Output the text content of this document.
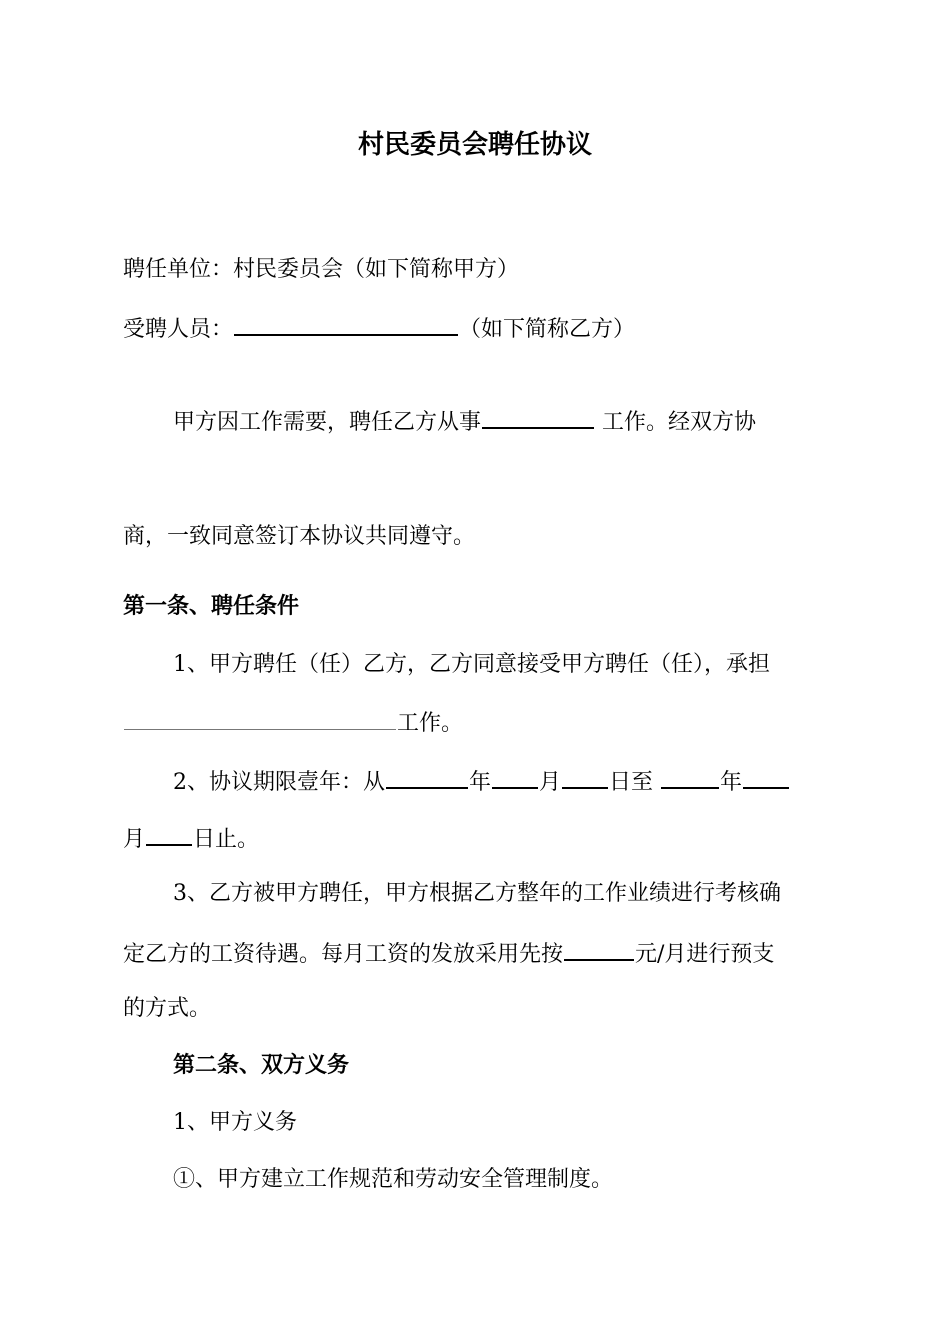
村民委员会聘任协议
聘任单位：村民委员会（如下简称甲方）
受聘人员：	（如下简称乙方）
甲方因工作需要，聘任乙方从事	工作。经双方协
商，一致同意签订本协议共同遵守。
第一条、聘任条件
1、甲方聘任（任）乙方，乙方同意接受甲方聘任（任），承担
工作。
2、协议期限壹年：从	年 月 日至	年
月 日止。
3、乙方被甲方聘任，甲方根据乙方整年的工作业绩进行考核确
定乙方的工资待遇。每月工资的发放采用先按	元/月进行预支
的方式。
第二条、双方义务
1、甲方义务
①、甲方建立工作规范和劳动安全管理制度。
